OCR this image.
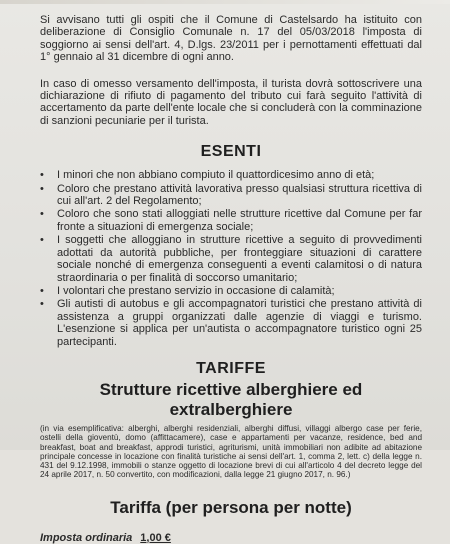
Si avvisano tutti gli ospiti che il Comune di Castelsardo ha istituito con deliberazione di Consiglio Comunale n. 17 del 05/03/2018 l'imposta di soggiorno ai sensi dell'art. 4, D.lgs. 23/2011 per i pernottamenti effettuati dal 1° gennaio al 31 dicembre di ogni anno.

In caso di omesso versamento dell'imposta, il turista dovrà sottoscrivere una dichiarazione di rifiuto di pagamento del tributo cui farà seguito l'attività di accertamento da parte dell'ente locale che si concluderà con la comminazione di sanzioni pecuniarie per il turista.

ESENTI
• I minori che non abbiano compiuto il quattordicesimo anno di età;
• Coloro che prestano attività lavorativa presso qualsiasi struttura ricettiva di cui all'art. 2 del Regolamento;
• Coloro che sono stati alloggiati nelle strutture ricettive dal Comune per far fronte a situazioni di emergenza sociale;
• I soggetti che alloggiano in strutture ricettive a seguito di provvedimenti adottati da autorità pubbliche, per fronteggiare situazioni di carattere sociale nonché di emergenza conseguenti a eventi calamitosi o di natura straordinaria o per finalità di soccorso umanitario;
• I volontari che prestano servizio in occasione di calamità;
• Gli autisti di autobus e gli accompagnatori turistici che prestano attività di assistenza a gruppi organizzati dalle agenzie di viaggi e turismo. L'esenzione si applica per un'autista o accompagnatore turistico ogni 25 partecipanti.
TARIFFE
Strutture ricettive alberghiere ed extralberghiere

(in via esemplificativa: alberghi, alberghi residenziali, alberghi diffusi, villaggi albergo case per ferie, ostelli della gioventù, domo (affittacamere), case e appartamenti per vacanze, residence, bed and breakfast, boat and breakfast, approdi turistici, agriturismi, unità immobiliari non adibite ad abitazione principale concesse in locazione con finalità turistiche ai sensi dell'art. 1, comma 2, lett. c) della legge n. 431 del 9.12.1998, immobili o stanze oggetto di locazione brevi di cui all'articolo 4 del decreto legge del 24 aprile 2017, n. 50 convertito, con modificazioni, dalla legge 21 giugno 2017, n. 96.)

Tariffa (per persona per notte)
Imposta ordinaria 1,00 €
